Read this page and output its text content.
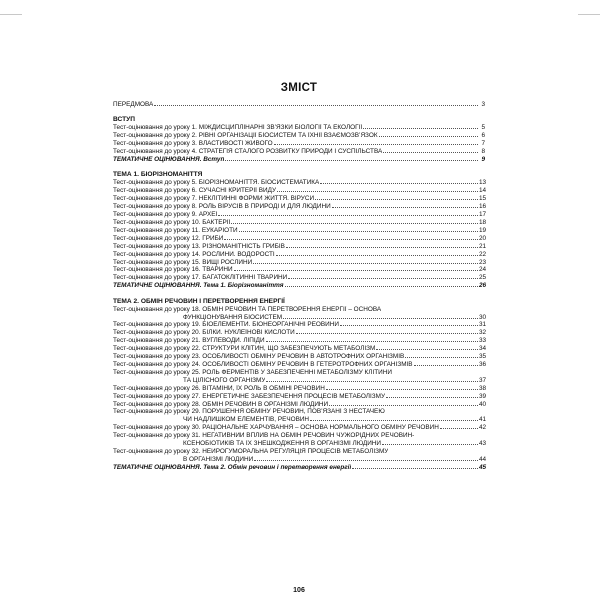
ЗМІСТ
ПЕРЕДМОВА	3
ВСТУП
Тест-оцінювання до уроку 1. МІЖДИСЦИПЛІНАРНІ ЗВ’ЯЗКИ БІОЛОГІЇ ТА ЕКОЛОГІЇ	5
Тест-оцінювання до уроку 2. РІВНІ ОРГАНІЗАЦІЇ БІОСИСТЕМ ТА ЇХНІЇ ВЗАЄМОЗВ’ЯЗОК	6
Тест-оцінювання до уроку 3. ВЛАСТИВОСТІ ЖИВОГО	7
Тест-оцінювання до уроку 4. СТРАТЕГІЯ СТАЛОГО РОЗВИТКУ ПРИРОДИ І СУСПІЛЬСТВА	8
ТЕМАТИЧНЕ ОЦІНЮВАННЯ. Вступ	9
ТЕМА 1. БІОРІЗНОМАНІТТЯ
Тест-оцінювання до уроку 5. БІОРІЗНОМАНІТТЯ. БІОСИСТЕМАТИКА	13
Тест-оцінювання до уроку 6. СУЧАСНІ КРИТЕРІЇ ВИДУ	14
Тест-оцінювання до уроку 7. НЕКЛІТИННІ ФОРМИ ЖИТТЯ. ВІРУСИ	15
Тест-оцінювання до уроку 8. РОЛЬ ВІРУСІВ В ПРИРОДІ Й ДЛЯ ЛЮДИНИ	16
Тест-оцінювання до уроку 9. АРХЕЇ	17
Тест-оцінювання до уроку 10. БАКТЕРІЇ	18
Тест-оцінювання до уроку 11. ЕУКАРІОТИ	19
Тест-оцінювання до уроку 12. ГРИБИ	20
Тест-оцінювання до уроку 13. РІЗНОМАНІТНІСТЬ ГРИБІВ	21
Тест-оцінювання до уроку 14. РОСЛИНИ. ВОДОРОСТІ	22
Тест-оцінювання до уроку 15. ВИЩІ РОСЛИНИ	23
Тест-оцінювання до уроку 16. ТВАРИНИ	24
Тест-оцінювання до уроку 17. БАГАТОКЛІТИННІ ТВАРИНИ	25
ТЕМАТИЧНЕ ОЦІНЮВАННЯ. Тема 1. Біорізноманіття	26
ТЕМА 2. ОБМІН РЕЧОВИН І ПЕРЕТВОРЕННЯ ЕНЕРГІЇ
Тест-оцінювання до уроку 18. ОБМІН РЕЧОВИН ТА ПЕРЕТВОРЕННЯ ЕНЕРГІЇ – ОСНОВА
ФУНКЦІОНУВАННЯ БІОСИСТЕМ	30
Тест-оцінювання до уроку 19. БІОЕЛЕМЕНТИ. БІОНЕОРГАНІЧНІ РЕОВИНИ	31
Тест-оцінювання до уроку 20. БІЛКИ. НУКЛЕЇНОВІ КИСЛОТИ	32
Тест-оцінювання до уроку 21. ВУГЛЕВОДИ. ЛІПІДИ	33
Тест-оцінювання до уроку 22. СТРУКТУРИ КЛІТИН, ЩО ЗАБЕЗПЕЧУЮТЬ МЕТАБОЛІЗМ	34
Тест-оцінювання до уроку 23. ОСОБЛИВОСТІ ОБМІНУ РЕЧОВИН В АВТОТРОФНИХ ОРГАНІЗМІВ	35
Тест-оцінювання до уроку 24. ОСОБЛИВОСТІ ОБМІНУ РЕЧОВИН В ГЕТЕРОТРОФНИХ ОРГАНІЗМІВ	36
Тест-оцінювання до уроку 25. РОЛЬ ФЕРМЕНТІВ У ЗАБЕЗПЕЧЕННІ МЕТАБОЛІЗМУ КЛІТИНИ
ТА ЦІЛІСНОГО ОРГАНІЗМУ	37
Тест-оцінювання до уроку 26. ВІТАМІНИ, ЇХ РОЛЬ В ОБМІНІ РЕЧОВИН	38
Тест-оцінювання до уроку 27. ЕНЕРГЕТИЧНЕ ЗАБЕЗПЕЧЕННЯ ПРОЦЕСІВ МЕТАБОЛІЗМУ	39
Тест-оцінювання до уроку 28. ОБМІН РЕЧОВИН В ОРГАНІЗМІ ЛЮДИНИ	40
Тест-оцінювання до уроку 29. ПОРУШЕННЯ ОБМІНУ РЕЧОВИН, ПОВ’ЯЗАНІ З НЕСТАЧЕЮ
ЧИ НАДЛИШКОМ ЕЛЕМЕНТІВ, РЕЧОВИН	41
Тест-оцінювання до уроку 30. РАЦІОНАЛЬНЕ ХАРЧУВАННЯ – ОСНОВА НОРМАЛЬНОГО ОБМІНУ РЕЧОВИН	42
Тест-оцінювання до уроку 31. НЕГАТИВНИЙ ВПЛИВ НА ОБМІН РЕЧОВИН ЧУЖОРІДНИХ РЕЧОВИН-
КСЕНОБІОТИКІВ ТА ЇХ ЗНЕШКОДЖЕННЯ В ОРГАНІЗМІ ЛЮДИНИ	43
Тест-оцінювання до уроку 32. НЕЙРОГУМОРАЛЬНА РЕГУЛЯЦІЯ ПРОЦЕСІВ МЕТАБОЛІЗМУ
В ОРГАНІЗМІ ЛЮДИНИ	44
ТЕМАТИЧНЕ ОЦІНЮВАННЯ. Тема 2. Обмін речовин і перетворення енергії	45
106
